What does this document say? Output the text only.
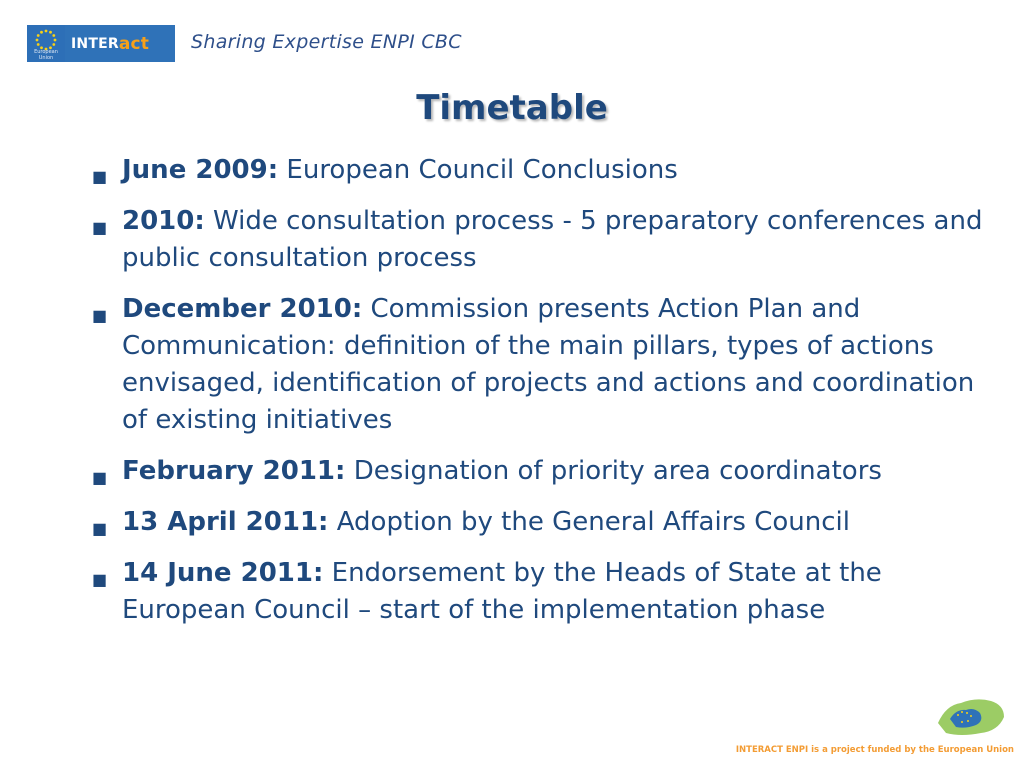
European Union
INTER act Sharing Expertise ENPI CBC
Timetable
■ June 2009: European Council Conclusions
■ 2010: Wide consultation process - 5 preparatory conferences and public consultation process
■ December 2010: Commission presents Action Plan and Communication: definition of the main pillars, types of actions envisaged, identification of projects and actions and coordination of existing initiatives
■ February 2011: Designation of priority area coordinators
■ 13 April 2011: Adoption by the General Affairs Council
■ 14 June 2011: Endorsement by the Heads of State at the European Council – start of the implementation phase
INTERACT ENPI is a project funded by the European Union
